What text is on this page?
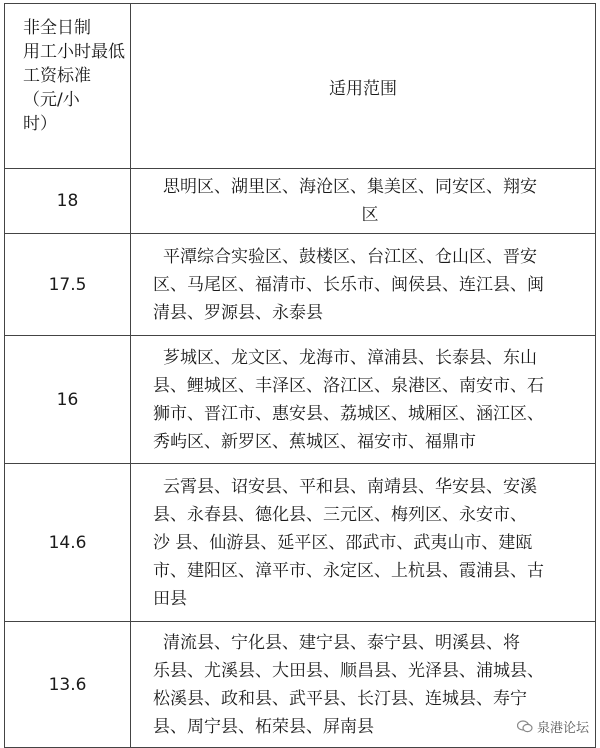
非全日制
用工小时最低
工资标准
（元/小
时）	适用范围
18	思明区、湖里区、海沧区、集美区、同安区、翔安
区

17.5	平潭综合实验区、鼓楼区、台江区、仓山区、晋安
区、马尾区、福清市、长乐市、闽侯县、连江县、闽
清县、罗源县、永泰县

16	芗城区、龙文区、龙海市、漳浦县、长泰县、东山
县、鲤城区、丰泽区、洛江区、泉港区、南安市、石
狮市、晋江市、惠安县、荔城区、城厢区、涵江区、
秀屿区、新罗区、蕉城区、福安市、福鼎市

14.6	云霄县、诏安县、平和县、南靖县、华安县、安溪
县、永春县、德化县、三元区、梅列区、永安市、
沙 县、仙游县、延平区、邵武市、武夷山市、建瓯
市、建阳区、漳平市、永定区、上杭县、霞浦县、古
田县

13.6	清流县、宁化县、建宁县、泰宁县、明溪县、将
乐县、尤溪县、大田县、顺昌县、光泽县、浦城县、
松溪县、政和县、武平县、长汀县、连城县、寿宁
县、周宁县、柘荣县、屏南县	泉港论坛
